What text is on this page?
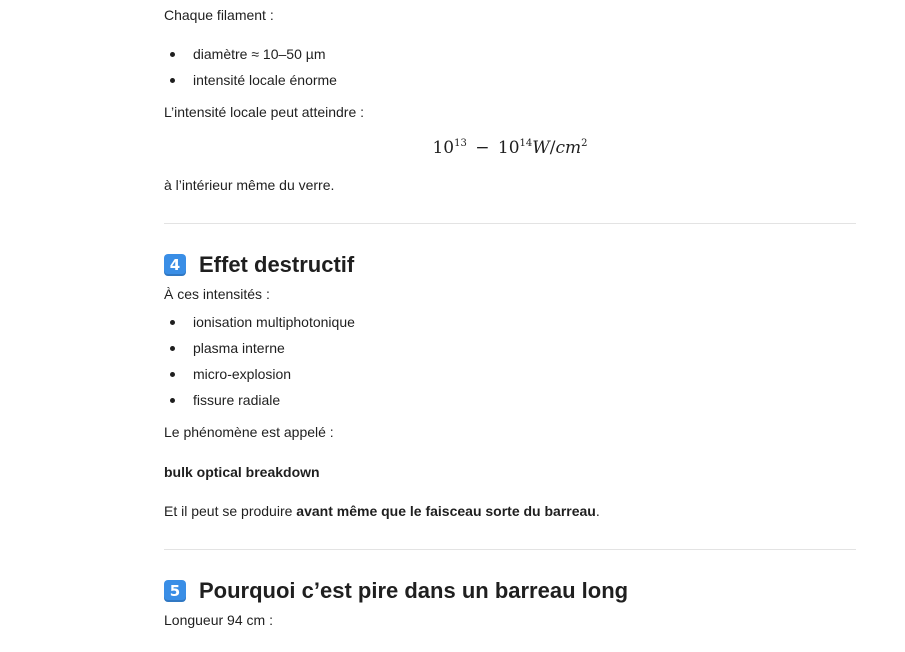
Chaque filament :

diamètre ≈ 10–50 µm
intensité locale énorme

L’intensité locale peut atteindre :

$10^{13} - 10^{14}W/cm^2$

à l’intérieur même du verre.

4 Effet destructif

À ces intensités :

ionisation multiphotonique
plasma interne
micro-explosion
fissure radiale

Le phénomène est appelé :

bulk optical breakdown

Et il peut se produire avant même que le faisceau sorte du barreau.

5 Pourquoi c’est pire dans un barreau long

Longueur 94 cm :
